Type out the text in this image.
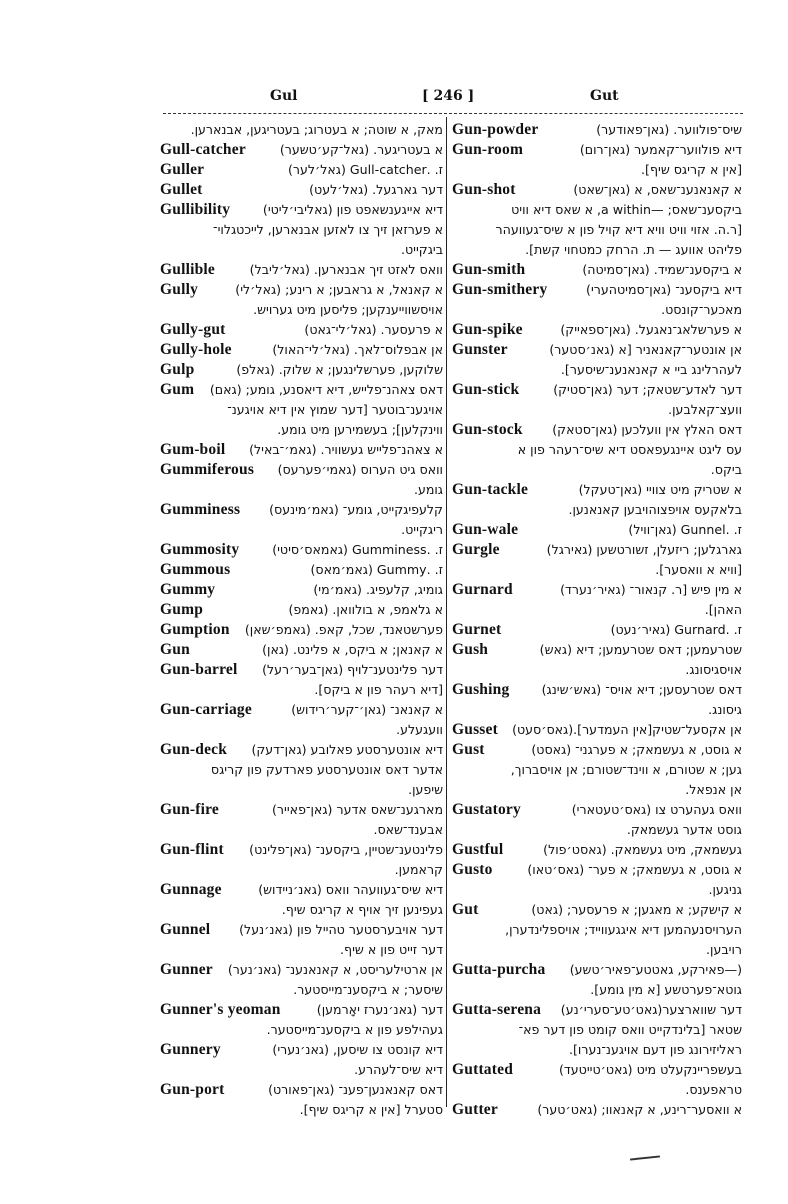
Gul	[ 246 ]	Gut
מאק, א שוטה; א בעטרוג; בעטריגען, אבנארען.
Gull-catcher	א בעטריגער. (גאל־קע׳טשער)
Guller	ז. .Gull-catcher (גאל׳לער)
Gullet	דער גארגעל. (גאל׳לעט)
Gullibility	דיא אייגענשאפט פון (גאליבי׳ליטי)
א פערזאן זיך צו לאזען אבנארען, לייכטגלוי־
ביגקייט.
Gullible	וואס לאזט זיך אבנארען. (גאל׳ליבל)
Gully	א קאנאל, א גראבען; א רינע; (גאל׳לי)
אויסשווייענקען; פליסען מיט גערויש.
Gully-gut	א פרעסער. (גאל׳לי־גאט)
Gully-hole	אן אבפלוס־לאך. (גאל׳לי־האול)
Gulp	שלוקען, פערשלינגען; א שלוק. (גאלפ)
Gum	דאס צאהנ־פלייש, דיא דיאסנע, גומע; (גאם)
אויגענ־בוטער [דער שמוץ אין דיא אויגענ־
ווינקלען]; בעשמירען מיט גומע.
Gum-boil	א צאהנ־פלייש געשוויר. (גאמ׳־באיל)
Gummiferous	וואס גיט הערוס (גאמי׳פערעס)
גומע.
Gumminess	קלעפיגקייט, גומע־ (גאמ׳מינעס)
ריגקייט.
Gummosity	ז. .Gumminess (גאמאס׳סיטי)
Gummous	ז. .Gummy (גאמ׳מאס)
Gummy	גומיג, קלעפיג. (גאמ׳מי)
Gump	א גלאמפ, א בולוואן. (גאמפ)
Gumption	פערשטאנד, שכל, קאפ. (גאמפ׳שאן)
Gun	א קאנאן; א ביקס, א פלינט. (גאן)
Gun-barrel	דער פלינטענ־לויף (גאן־בער׳רעל)
[דיא רעהר פון א ביקס].
Gun-carriage	א קאנאנ־ (גאן׳־קער׳רידוש)
וועגעלע.
Gun-deck	דיא אונטערסטע פאלובע (גאן־דעק)
אדער דאס אונטערסטע פארדעק פון קריגס
שיפען.
Gun-fire	מארגענ־שאס אדער (גאן־פאייר)
אבענד־שאס.
Gun-flint	פלינטענ־שטיין, ביקסענ־ (גאן־פלינט)
קראמען.
Gunnage	דיא שיס־געוועהר וואס (גאנ׳ניידוש)
געפינען זיך אויף א קריגס שיף.
Gunnel	דער אויבערסטער טהייל פון (גאנ׳נעל)
דער זייט פון א שיף.
Gunner	אן ארטילעריסט, א קאנאנענ־ (גאנ׳נער)
שיסער; א ביקסענ־מייסטער.
Gunner's yeoman	דער (גאנ׳נערז יאָרמען)
געהילפע פון א ביקסענ־מייסטער.
Gunnery	דיא קונסט צו שיסען, (גאנ׳נערי)
דיא שיס־לעהרע.
Gun-port	דאס קאנאנען־פענ־ (גאן־פאורט)
סטערל [אין א קריגס שיף].
Gun-powder	שיס־פולווער. (גאן־פאודער)
Gun-room	דיא פולווער־קאמער (גאן־רום)
[אין א קריגס שיף].
Gun-shot	א קאנאנענ־שאס, א (גאן־שאט)
ביקסענ־שאס; —a within, א שאס דיא וויט
[ר.ה. אזוי וויט וויא דיא קויל פון א שיס־געוועהר
פליהט אוועג — ת. הרחק כמטחוי קשת].
Gun-smith	א ביקסענ־שמיד. (גאן־סמיטה)
Gun-smithery	דיא ביקסענ־ (גאן־סמיטהערי)
מאכער־קונסט.
Gun-spike	א פערשלאג־נאגעל. (גאן־ספאייק)
Gunster	אן אונטער־קאנאניר [א (גאנ׳סטער)
לעהרלינג ביי א קאנאנענ־שיסער].
Gun-stick	דער לאדע־שטאק; דער (גאן־סטיק)
וועצ־קאלבען.
Gun-stock	דאס האלץ אין וועלכען (גאן־סטאק)
עס ליגט איינגעפאסט דיא שיס־רעהר פון א
ביקס.
Gun-tackle	א שטריק מיט צוויי (גאן־טעקל)
בלאקעס אויפצוהויבען קאנאנען.
Gun-wale	ז. .Gunnel (גאן־וויל)
Gurgle	גארגלען; ריזעלן, זשורטשען (גאירגל)
[וויא א וואסער].
Gurnard	א מין פיש [ר. קנאור־ (גאיר׳נערד)
האהן].
Gurnet	ז. .Gurnard (גאיר׳נעט)
Gush	שטרעמען; דאס שטרעמען; דיא (גאש)
אויסגיסונג.
Gushing	דאס שטרעסען; דיא אויס־ (גאש׳שינג)
גיסונג.
Gusset	אן אקסעל־שטיק[אין העמדער].(גאס׳סעט)
Gust	א גוסט, א געשמאק; א פערגני־ (גאסט)
גען; א שטורם, א ווינד־שטורם; אן אויסברוך,
אן אנפאל.
Gustatory	וואס געהערט צו (גאס׳טעטארי)
גוסט אדער געשמאק.
Gustful	געשמאק, מיט געשמאק. (גאסט׳פול)
Gusto	א גוסט, א געשמאק; א פער־ (גאס׳טאו)
גניגען.
Gut	א קישקע; א מאגען; א פרעסער; (גאט)
הערויסנעהמען דיא איגגעווייד; אויספלינדערן,
רויבען.
Gutta-purcha	(—פאירקע, גאטטע־פאיר׳טשע)
גוטא־פערטשע [א מין גומע].
Gutta-serena	דער שווארצער(גאט׳טע־סערי׳נע)
שטאר [בלינדקייט וואס קומט פון דער פא־
ראליזירונג פון דעם אויגענ־נערו].
Guttated	בעשפריינקעלט מיט (גאט׳טייטעד)
טראפענס.
Gutter	א וואסער־רינע, א קאנאוו; (גאט׳טער)
